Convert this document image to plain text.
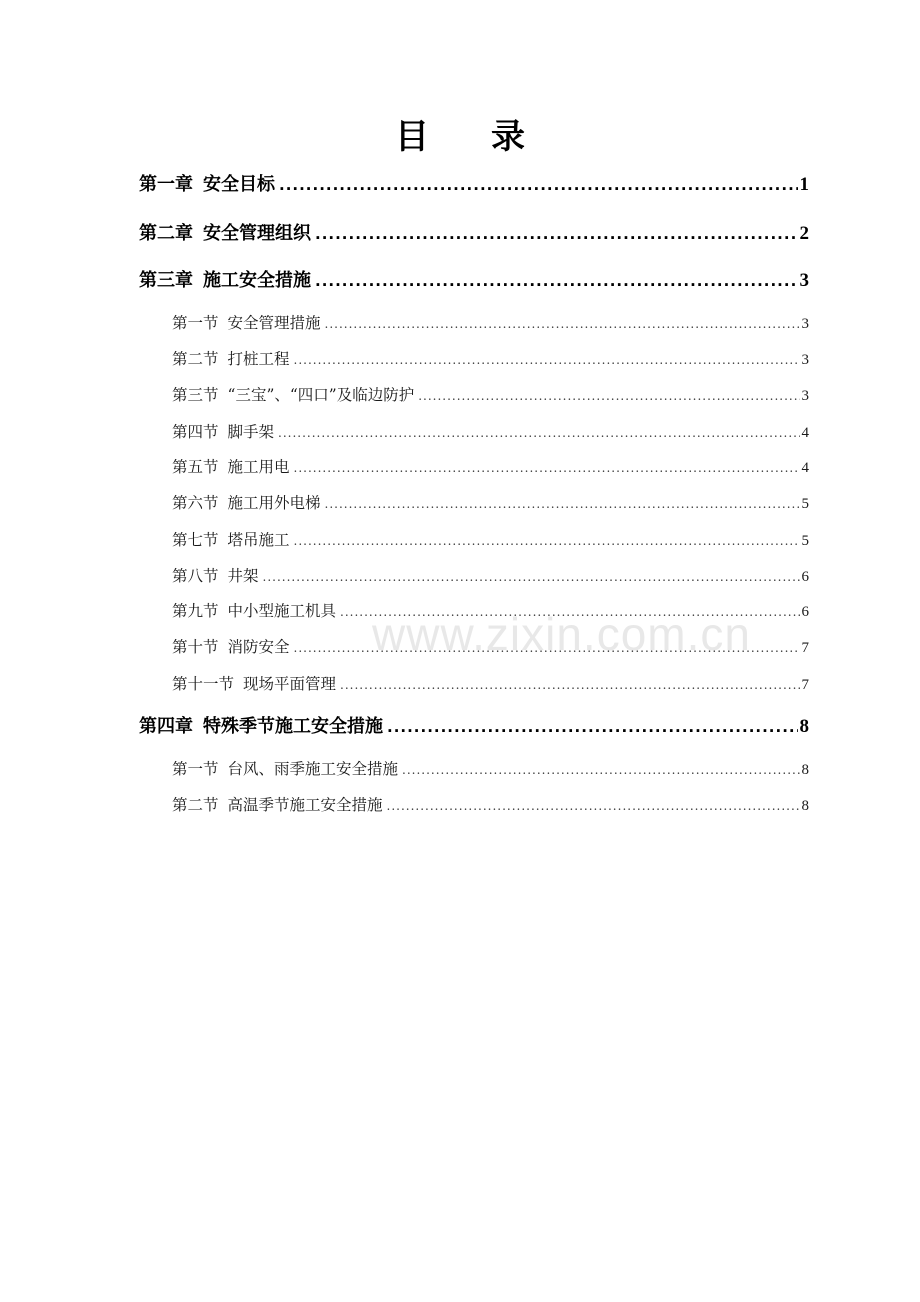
目 录
第一章 安全目标 .....	1
第二章 安全管理组织 .....	2
第三章 施工安全措施 .....	3
第一节 安全管理措施 .....	3
第二节 打桩工程 .....	3
第三节 “三宝”、“四口”及临边防护 .....	3
第四节 脚手架 .....	4
第五节 施工用电 .....	4
第六节 施工用外电梯 .....	5
第七节 塔吊施工 .....	5
第八节 井架 .....	6
第九节 中小型施工机具 .....	6
第十节 消防安全 .....	7
第十一节 现场平面管理 .....	7
第四章 特殊季节施工安全措施 .....	8
第一节 台风、雨季施工安全措施 .....	8
第二节 高温季节施工安全措施 .....	8
www.zixin.com.cn
